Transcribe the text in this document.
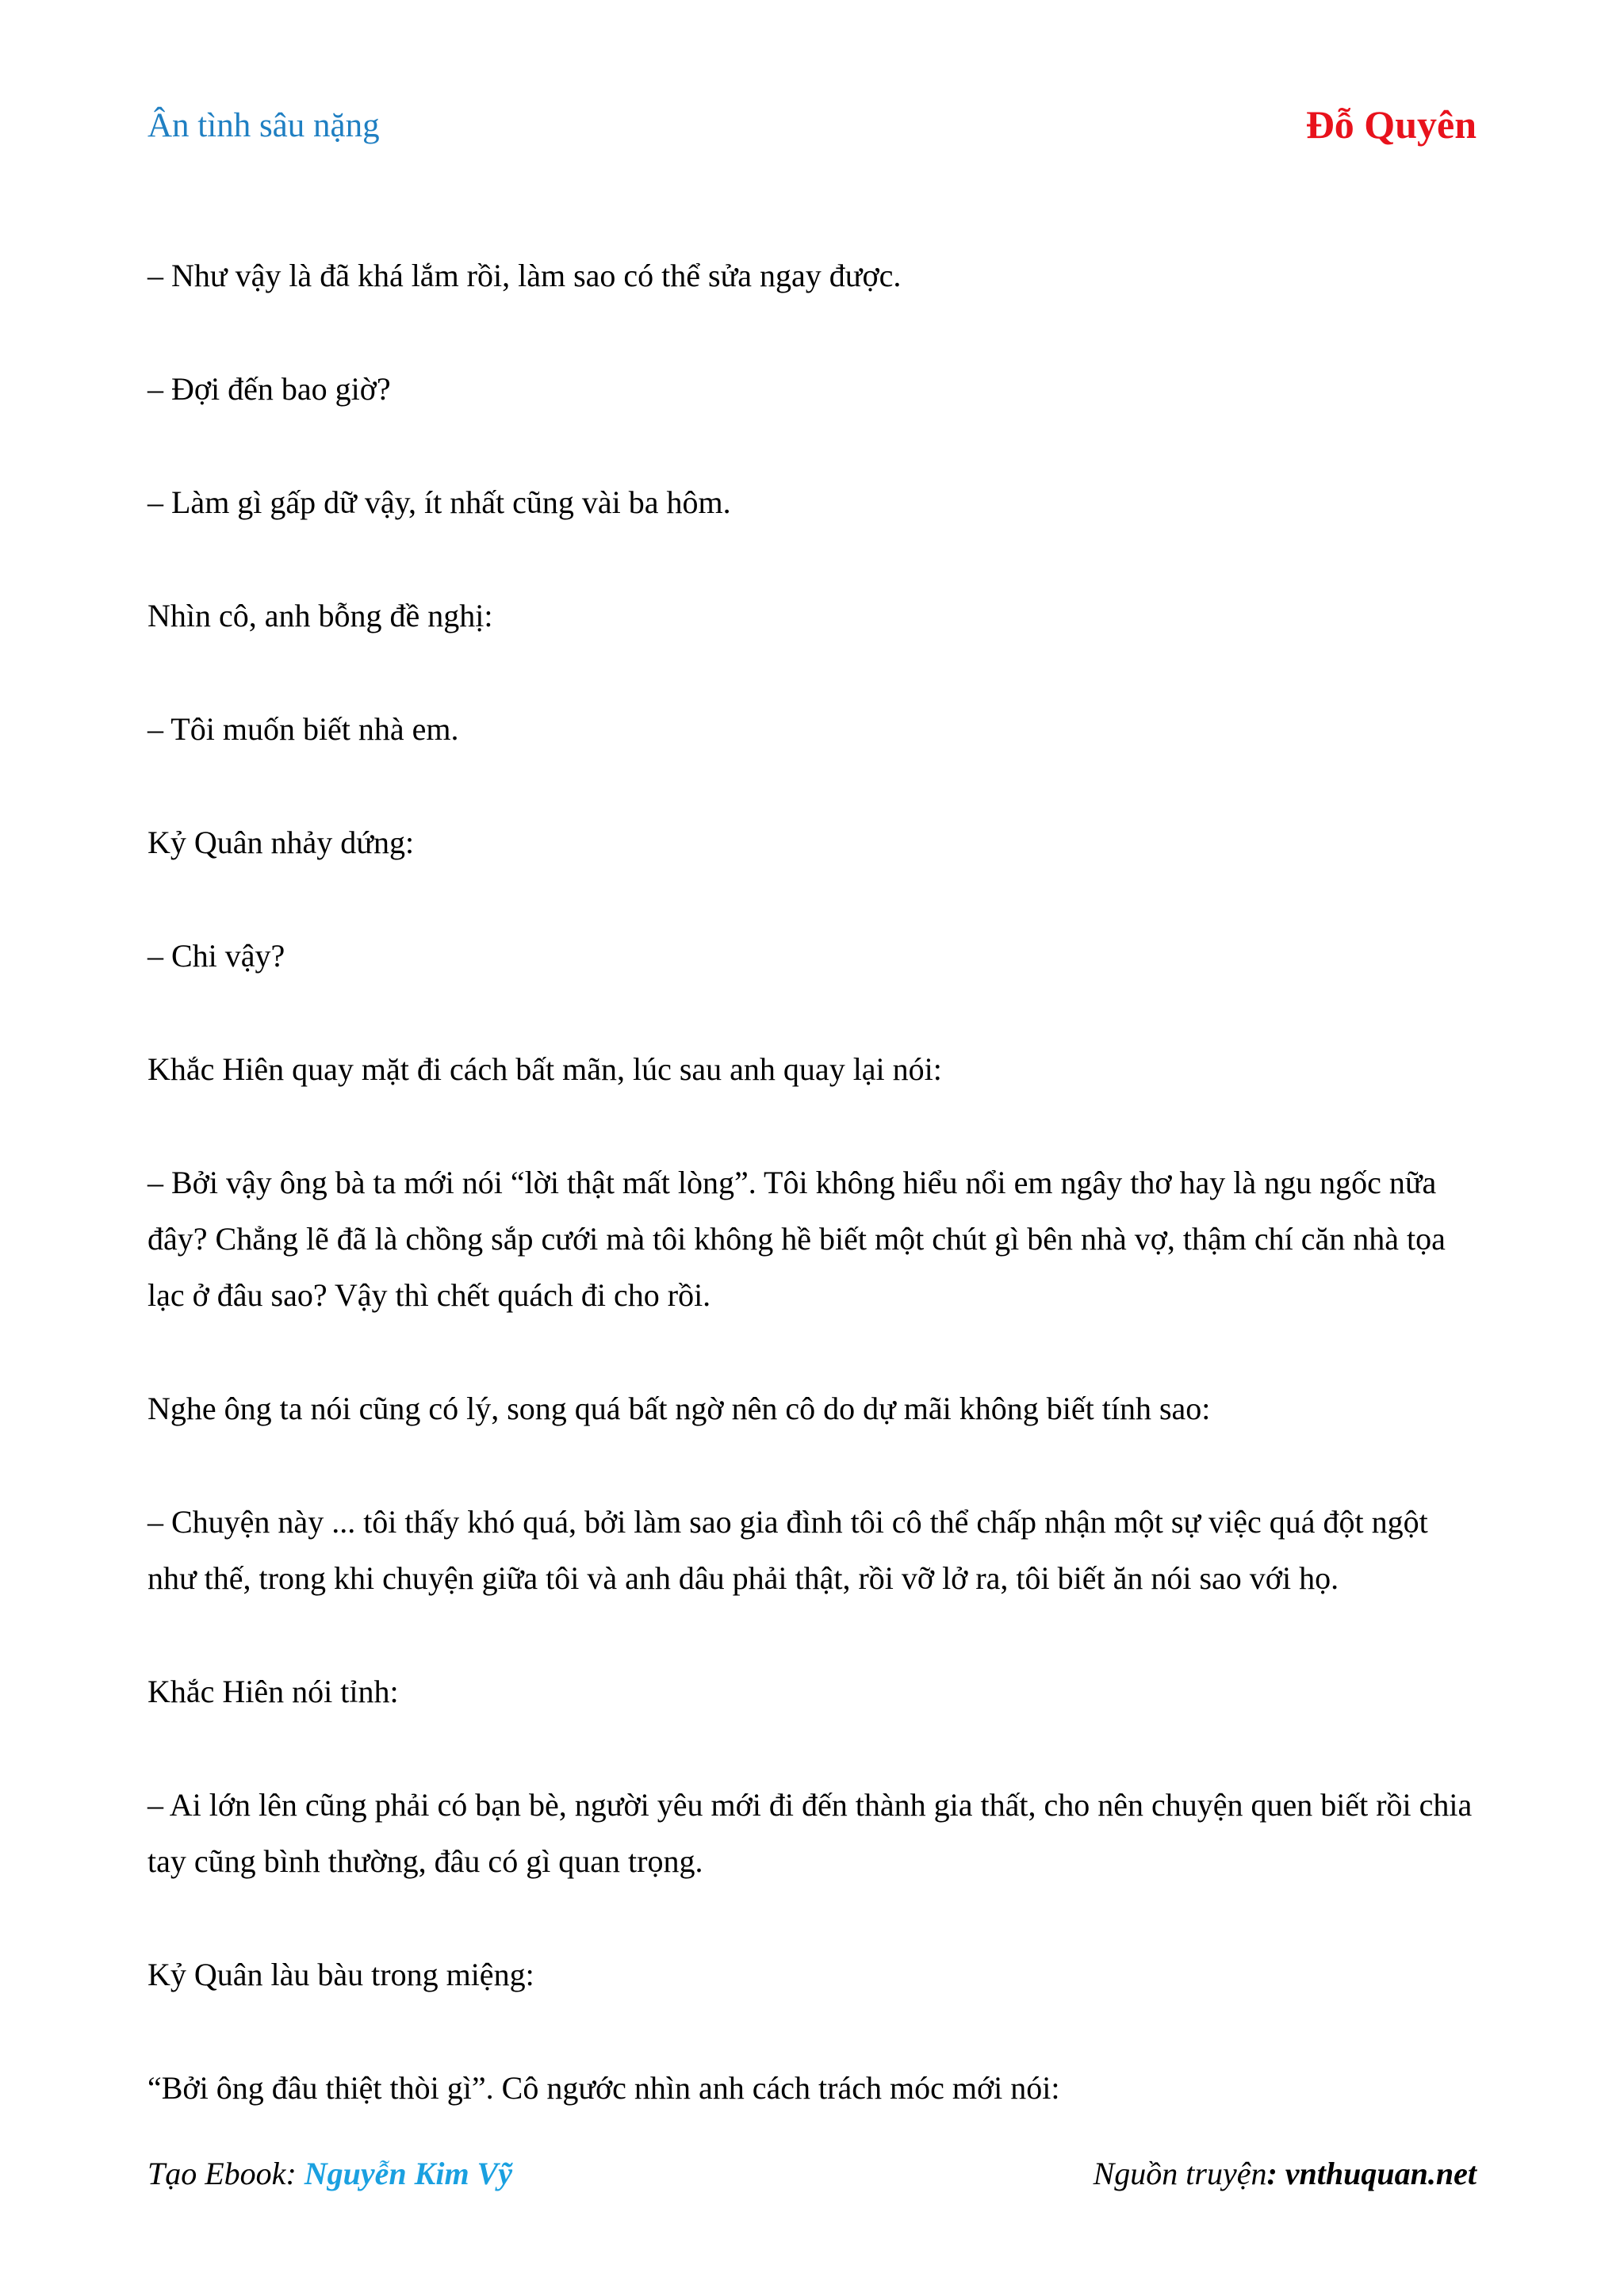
Ân tình sâu nặng	Đỗ Quyên

– Như vậy là đã khá lắm rồi, làm sao có thể sửa ngay được.

– Đợi đến bao giờ?

– Làm gì gấp dữ vậy, ít nhất cũng vài ba hôm.

Nhìn cô, anh bỗng đề nghị:

– Tôi muốn biết nhà em.

Kỷ Quân nhảy dứng:

– Chi vậy?

Khắc Hiên quay mặt đi cách bất mãn, lúc sau anh quay lại nói:

– Bởi vậy ông bà ta mới nói “lời thật mất lòng”. Tôi không hiểu nổi em ngây thơ hay là ngu ngốc nữa đây? Chẳng lẽ đã là chồng sắp cưới mà tôi không hề biết một chút gì bên nhà vợ, thậm chí căn nhà tọa lạc ở đâu sao? Vậy thì chết quách đi cho rồi.

Nghe ông ta nói cũng có lý, song quá bất ngờ nên cô do dự mãi không biết tính sao:

– Chuyện này ... tôi thấy khó quá, bởi làm sao gia đình tôi cô thể chấp nhận một sự việc quá đột ngột như thế, trong khi chuyện giữa tôi và anh dâu phải thật, rồi vỡ lở ra, tôi biết ăn nói sao với họ.

Khắc Hiên nói tỉnh:

– Ai lớn lên cũng phải có bạn bè, người yêu mới đi đến thành gia thất, cho nên chuyện quen biết rồi chia tay cũng bình thường, đâu có gì quan trọng.

Kỷ Quân làu bàu trong miệng:

“Bởi ông đâu thiệt thòi gì”. Cô ngước nhìn anh cách trách móc mới nói:

Tạo Ebook: Nguyễn Kim Vỹ	Nguồn truyện: vnthuquan.net
